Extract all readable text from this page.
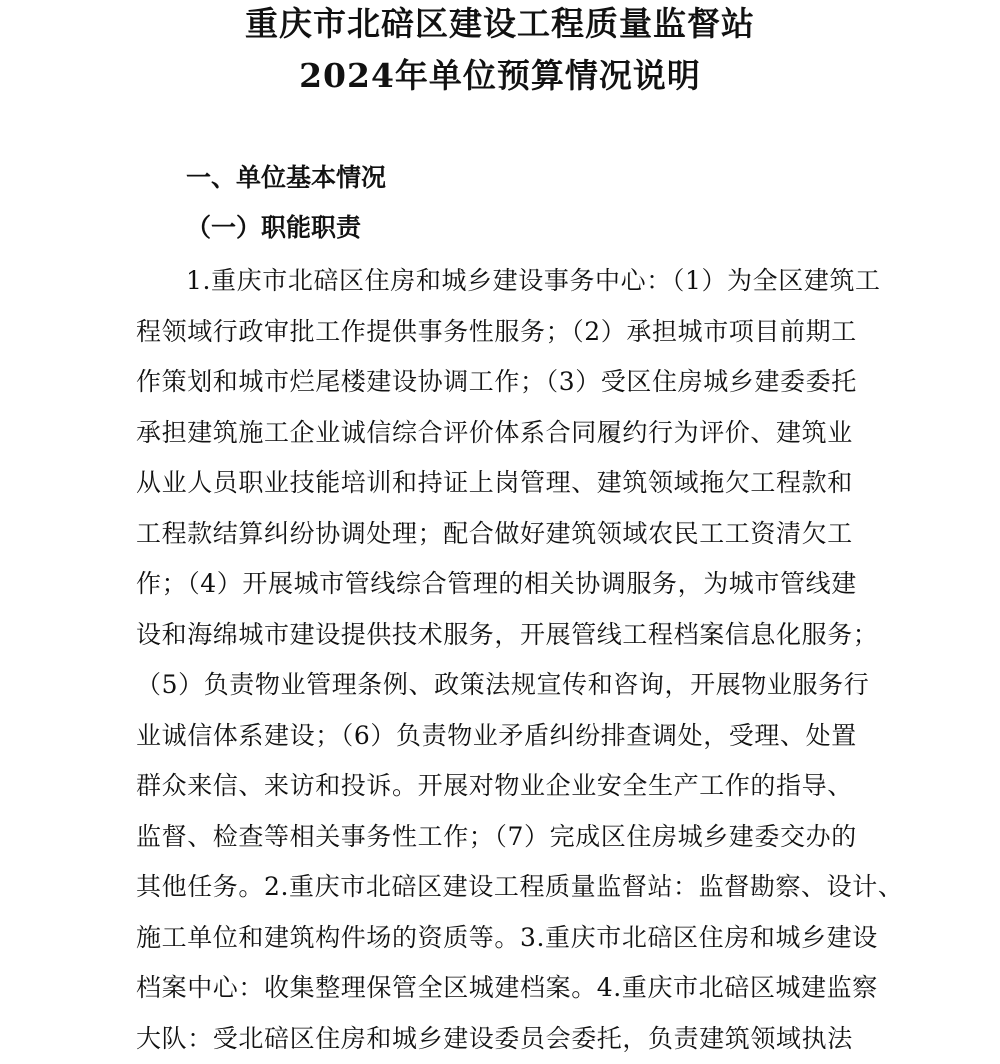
重庆市北碚区建设工程质量监督站
2024年单位预算情况说明
一、单位基本情况
（一）职能职责
1.重庆市北碚区住房和城乡建设事务中心：（1）为全区建筑工
程领域行政审批工作提供事务性服务；（2）承担城市项目前期工
作策划和城市烂尾楼建设协调工作；（3）受区住房城乡建委委托
承担建筑施工企业诚信综合评价体系合同履约行为评价、建筑业
从业人员职业技能培训和持证上岗管理、建筑领域拖欠工程款和
工程款结算纠纷协调处理；配合做好建筑领域农民工工资清欠工
作；（4）开展城市管线综合管理的相关协调服务，为城市管线建
设和海绵城市建设提供技术服务，开展管线工程档案信息化服务；
（5）负责物业管理条例、政策法规宣传和咨询，开展物业服务行
业诚信体系建设；（6）负责物业矛盾纠纷排查调处，受理、处置
群众来信、来访和投诉。开展对物业企业安全生产工作的指导、
监督、检查等相关事务性工作；（7）完成区住房城乡建委交办的
其他任务。2.重庆市北碚区建设工程质量监督站：监督勘察、设计、
施工单位和建筑构件场的资质等。3.重庆市北碚区住房和城乡建设
档案中心：收集整理保管全区城建档案。4.重庆市北碚区城建监察
大队：受北碚区住房和城乡建设委员会委托，负责建筑领域执法
